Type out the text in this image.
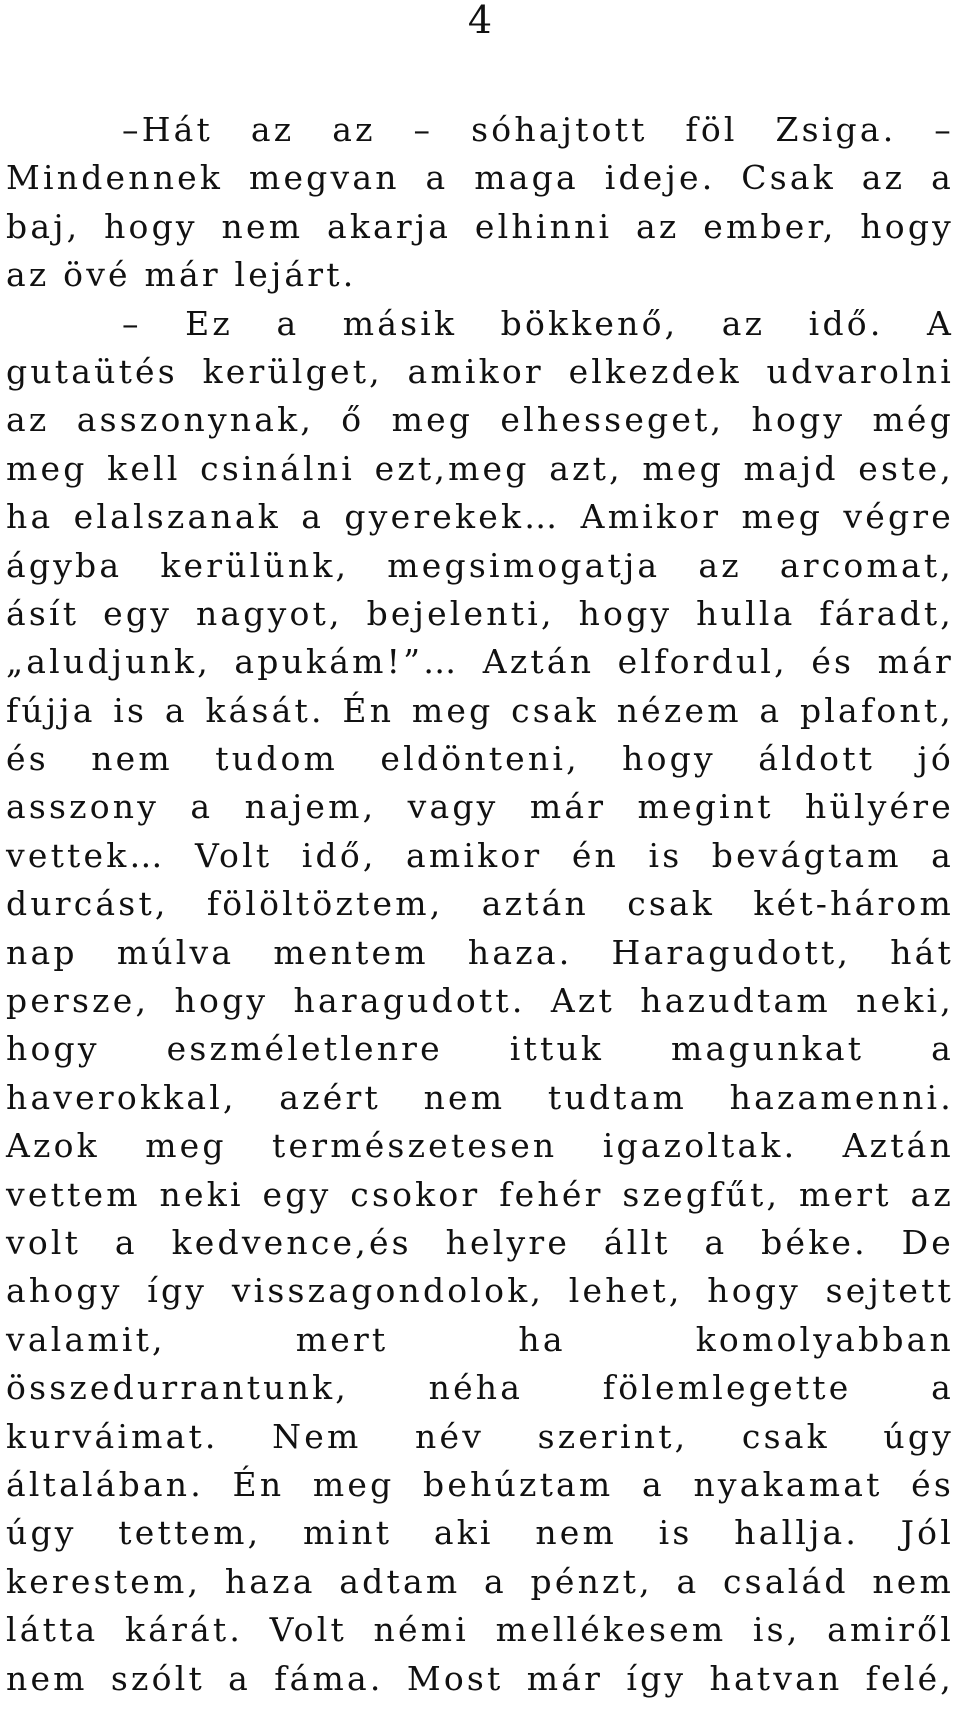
4
–Hát az az – sóhajtott föl Zsiga. –
Mindennek megvan a maga ideje. Csak az a
baj, hogy nem akarja elhinni az ember, hogy
az övé már lejárt.
– Ez a másik bökkenő, az idő. A
gutaütés kerülget, amikor elkezdek udvarolni
az asszonynak, ő meg elhesseget, hogy még
meg kell csinálni ezt,meg azt, meg majd este,
ha elalszanak a gyerekek… Amikor meg végre
ágyba kerülünk, megsimogatja az arcomat,
ásít egy nagyot, bejelenti, hogy hulla fáradt,
„aludjunk, apukám!”… Aztán elfordul, és már
fújja is a kását. Én meg csak nézem a plafont,
és nem tudom eldönteni, hogy áldott jó
asszony a najem, vagy már megint hülyére
vettek… Volt idő, amikor én is bevágtam a
durcást, fölöltöztem, aztán csak két-három
nap múlva mentem haza. Haragudott, hát
persze, hogy haragudott. Azt hazudtam neki,
hogy eszméletlenre ittuk magunkat a
haverokkal, azért nem tudtam hazamenni.
Azok meg természetesen igazoltak. Aztán
vettem neki egy csokor fehér szegfűt, mert az
volt a kedvence,és helyre állt a béke. De
ahogy így visszagondolok, lehet, hogy sejtett
valamit, mert ha komolyabban
összedurrantunk, néha fölemlegette a
kurváimat. Nem név szerint, csak úgy
általában. Én meg behúztam a nyakamat és
úgy tettem, mint aki nem is hallja. Jól
kerestem, haza adtam a pénzt, a család nem
látta kárát. Volt némi mellékesem is, amiről
nem szólt a fáma. Most már így hatvan felé,
